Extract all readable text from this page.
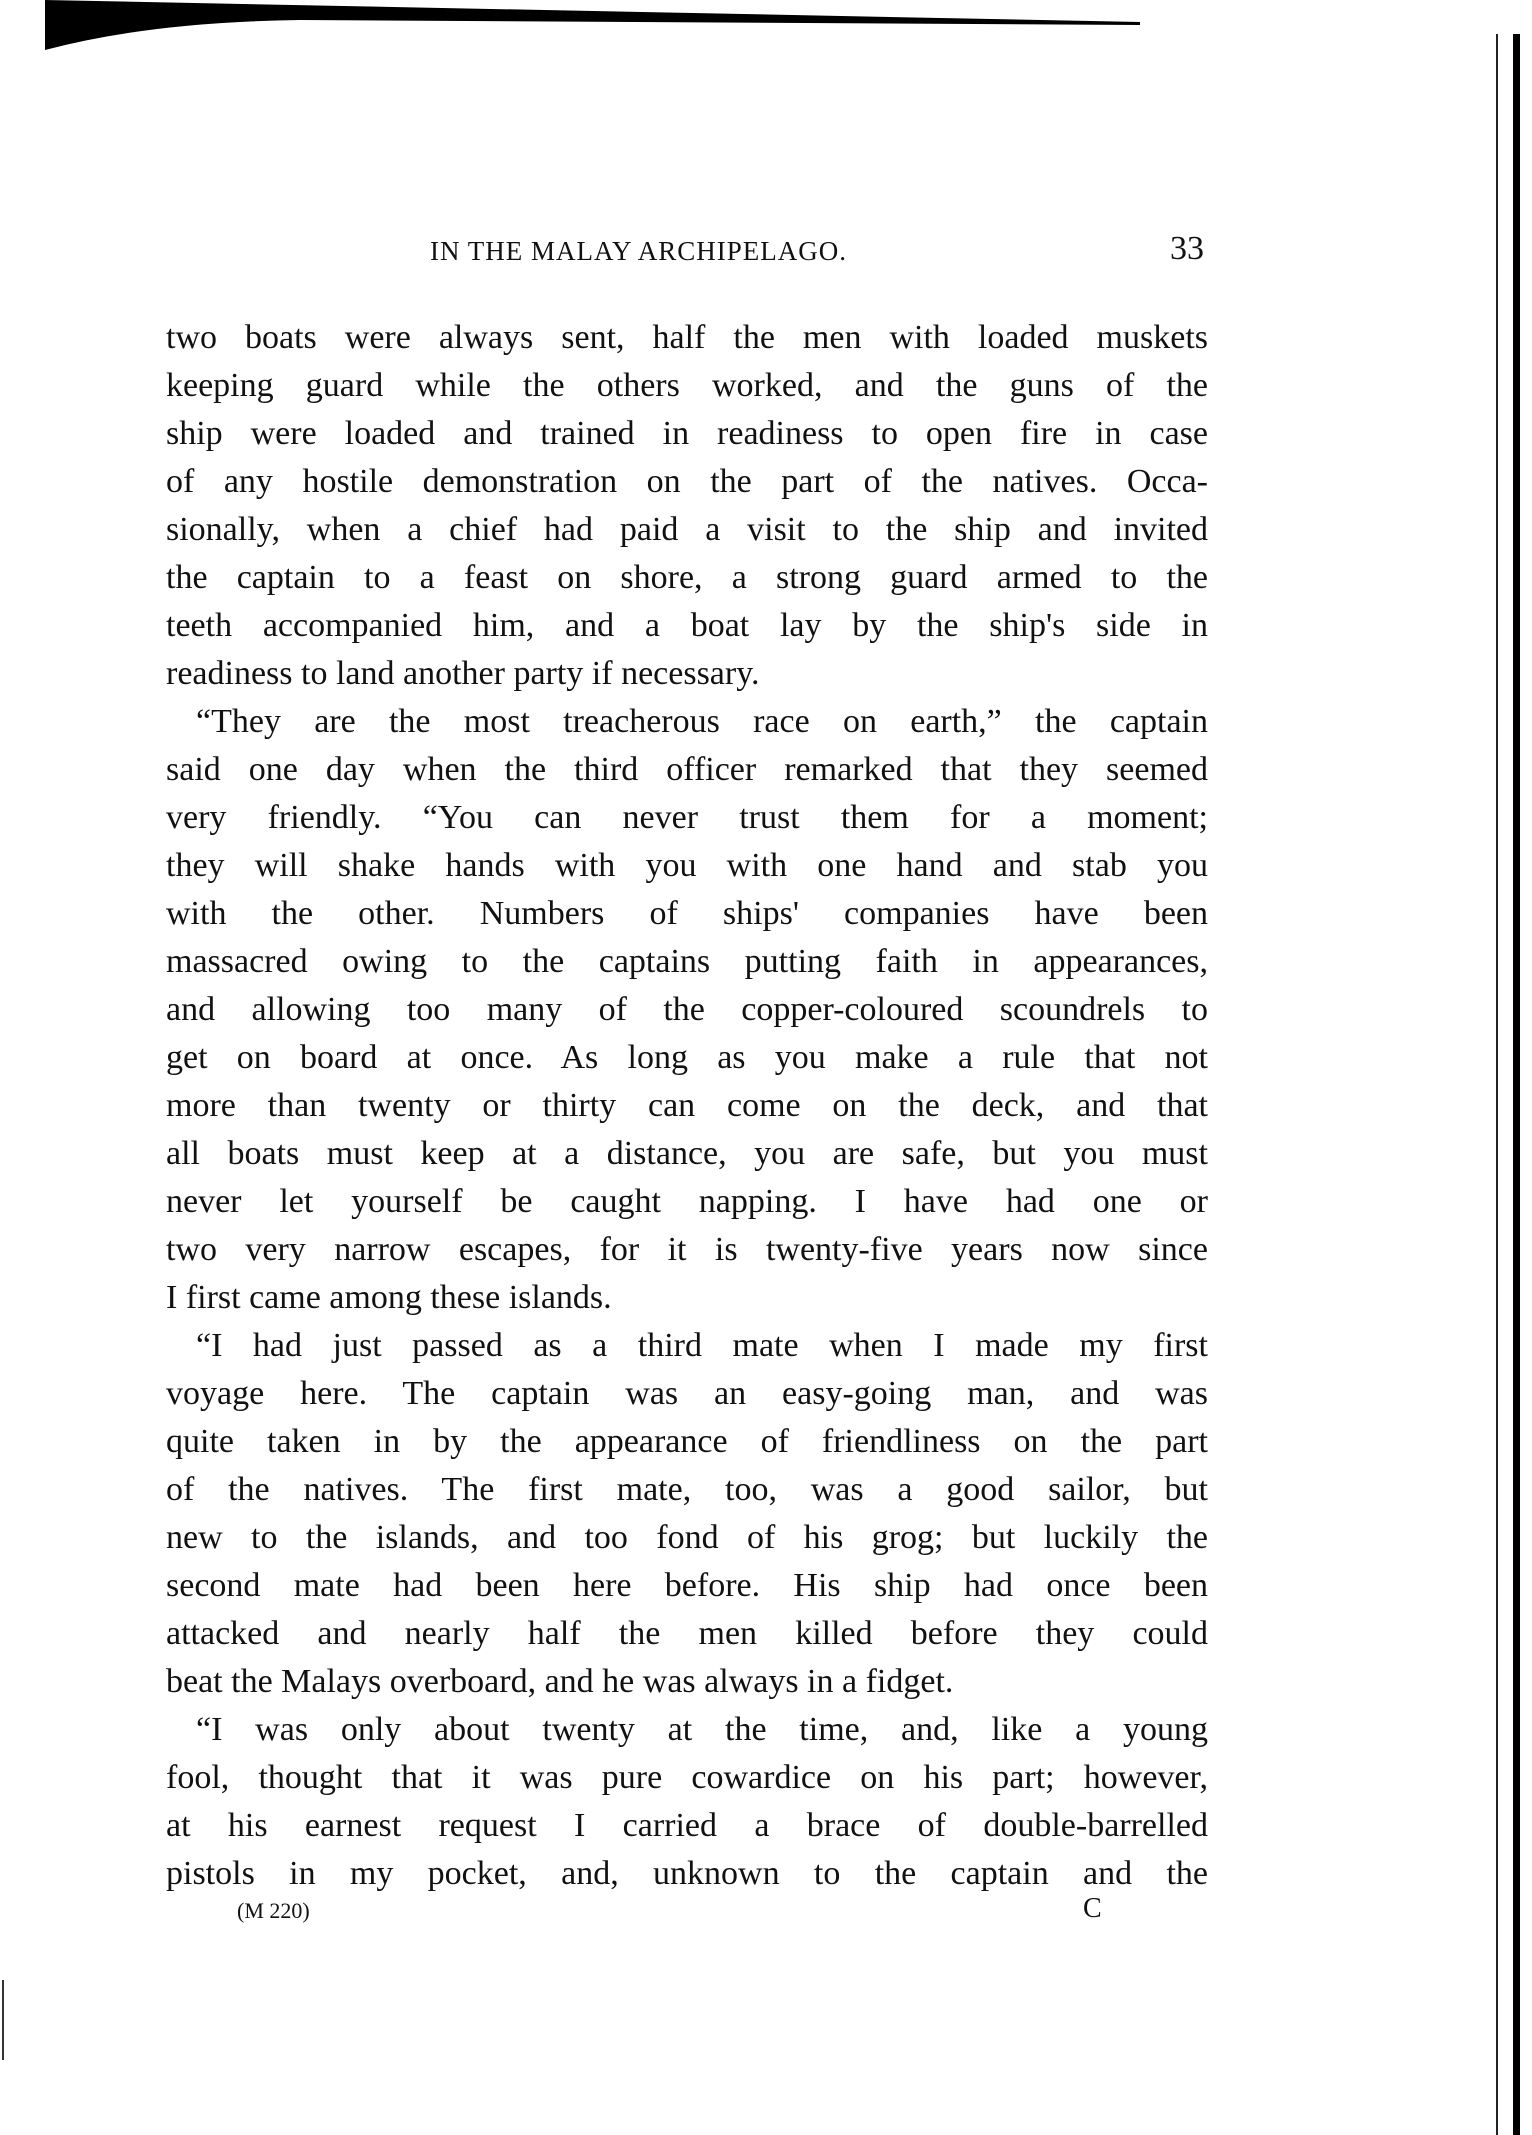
IN THE MALAY ARCHIPELAGO.	33
two boats were always sent, half the men with loaded muskets
keeping guard while the others worked, and the guns of the
ship were loaded and trained in readiness to open fire in case
of any hostile demonstration on the part of the natives. Occa-
sionally, when a chief had paid a visit to the ship and invited
the captain to a feast on shore, a strong guard armed to the
teeth accompanied him, and a boat lay by the ship's side in
readiness to land another party if necessary.
“They are the most treacherous race on earth,” the captain
said one day when the third officer remarked that they seemed
very friendly. “You can never trust them for a moment;
they will shake hands with you with one hand and stab you
with the other. Numbers of ships' companies have been
massacred owing to the captains putting faith in appearances,
and allowing too many of the copper-coloured scoundrels to
get on board at once. As long as you make a rule that not
more than twenty or thirty can come on the deck, and that
all boats must keep at a distance, you are safe, but you must
never let yourself be caught napping. I have had one or
two very narrow escapes, for it is twenty-five years now since
I first came among these islands.
“I had just passed as a third mate when I made my first
voyage here. The captain was an easy-going man, and was
quite taken in by the appearance of friendliness on the part
of the natives. The first mate, too, was a good sailor, but
new to the islands, and too fond of his grog; but luckily the
second mate had been here before. His ship had once been
attacked and nearly half the men killed before they could
beat the Malays overboard, and he was always in a fidget.
“I was only about twenty at the time, and, like a young
fool, thought that it was pure cowardice on his part; however,
at his earnest request I carried a brace of double-barrelled
pistols in my pocket, and, unknown to the captain and the
(M 220)	C
